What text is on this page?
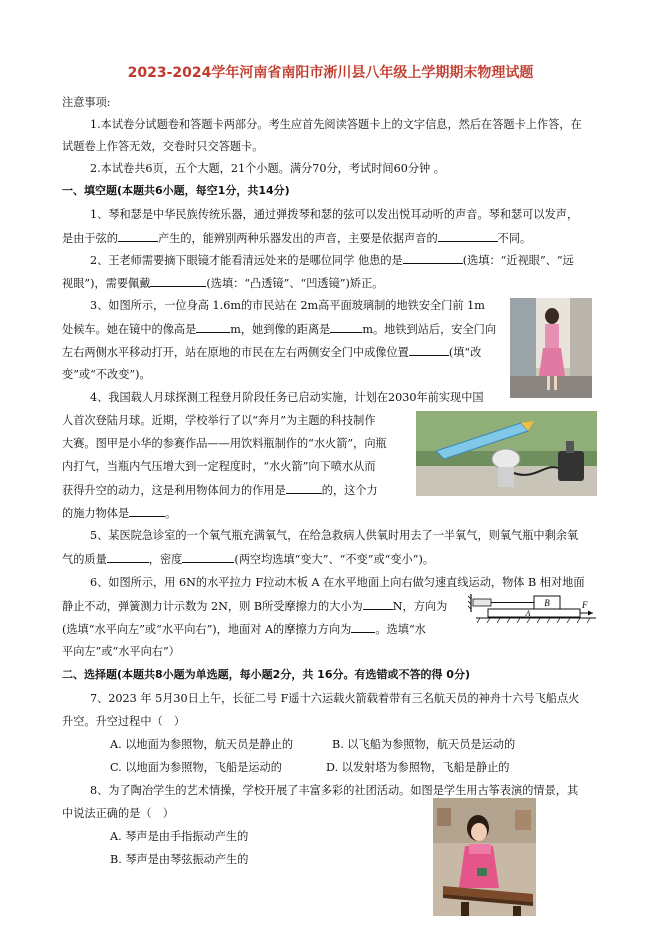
2023-2024学年河南省南阳市淅川县八年级上学期期末物理试题
注意事项:
1.本试卷分试题卷和答题卡两部分。考生应首先阅读答题卡上的文字信息，然后在答题卡上作答，在
试题卷上作答无效，交卷时只交答题卡。
2.本试卷共6页，五个大题，21个小题。满分70分，考试时间60分钟 。
一、填空题(本题共6小题，每空1分，共14分)
1、琴和瑟是中华民族传统乐器，通过弹拨琴和瑟的弦可以发出悦耳动听的声音。琴和瑟可以发声，
是由于弦的	产生的，能辨别两种乐器发出的声音，主要是依据声音的	不同。
2、王老师需要摘下眼镜才能看清远处来的是哪位同学 他患的是	(选填：“近视眼”、“远
视眼”)，需要佩戴	(选填：“凸透镜”、“凹透镜”)矫正。
3、如图所示，一位身高 1.6m的市民站在 2m高平面玻璃制的地铁安全门前 1m
处候车。她在镜中的像高是	m，她到像的距离是	m。地铁到站后，安全门向
左右两侧水平移动打开，站在原地的市民在左右两侧安全门中成像位置	(填“改
变”或“不改变”)。
4、我国载人月球探测工程登月阶段任务已启动实施，计划在2030年前实现中国
人首次登陆月球。近期，学校举行了以“奔月”为主题的科技制作
大赛。图甲是小华的参赛作品——用饮料瓶制作的“水火箭”，向瓶
内打气，当瓶内气压增大到一定程度时，“水火箭”向下喷水从而
获得升空的动力，这是利用物体间力的作用是	的，这个力
的施力物体是	。
5、某医院急诊室的一个氧气瓶充满氧气，在给急救病人供氧时用去了一半氧气，则氧气瓶中剩余氧
气的质量	，密度	(两空均选填“变大”、“不变”或“变小”)。
6、如图所示，用 6N的水平拉力 F拉动木板 A 在水平地面上向右做匀速直线运动，物体 B 相对地面
静止不动，弹簧测力计示数为 2N，则 B所受摩擦力的大小为	N，方向为
(选填“水平向左”或“水平向右”)，地面对 A的摩擦力方向为 。选填“水
平向左”或“水平向右”）
B
A
F
二、选择题(本题共8小题为单选题，每小题2分，共 16分。有选错或不答的得 0分)
7、2023 年 5月30日上午，长征二号 F遥十六运载火箭载着带有三名航天员的神舟十六号飞船点火
升空。升空过程中（　）
A. 以地面为参照物，航天员是静止的	B. 以飞船为参照物，航天员是运动的
C. 以地面为参照物，飞船是运动的	D. 以发射塔为参照物，飞船是静止的
8、为了陶冶学生的艺术情操，学校开展了丰富多彩的社团活动。如图是学生用古筝表演的情景，其
中说法正确的是（　）
A. 琴声是由手指振动产生的
B. 琴声是由琴弦振动产生的
